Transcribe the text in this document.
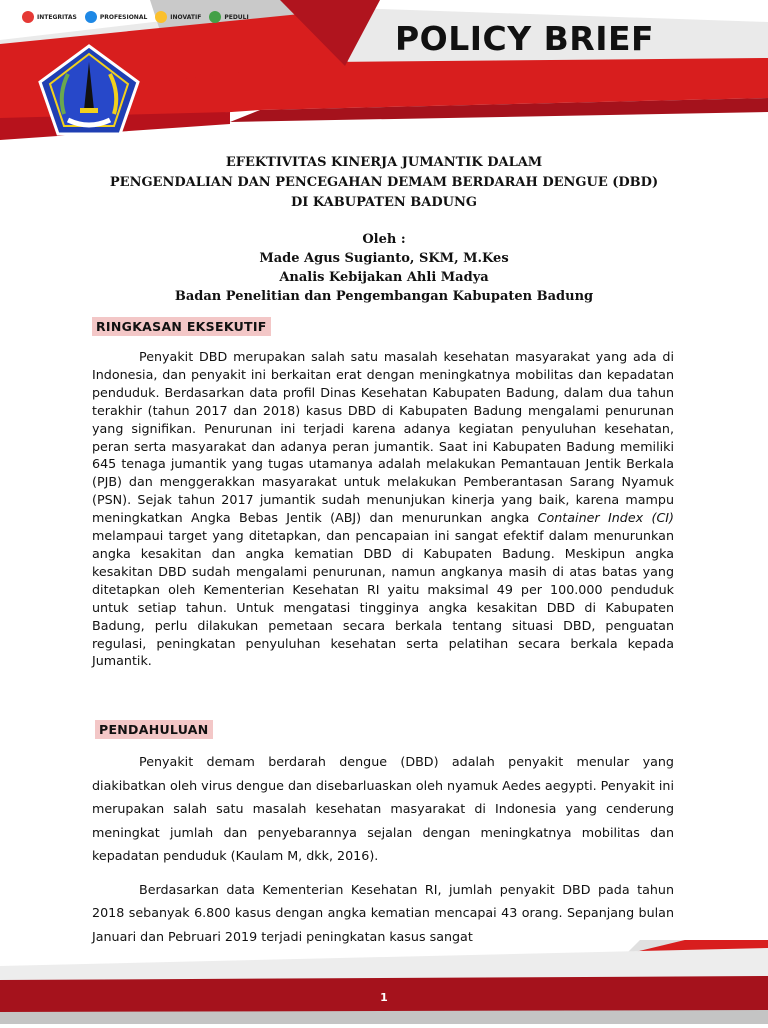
INTEGRITAS	PROFESIONAL	INOVATIF	PEDULI
POLICY BRIEF
EFEKTIVITAS KINERJA JUMANTIK DALAM
PENGENDALIAN DAN PENCEGAHAN DEMAM BERDARAH DENGUE (DBD)
DI KABUPATEN BADUNG
Oleh :
Made Agus Sugianto, SKM, M.Kes
Analis Kebijakan Ahli Madya
Badan Penelitian dan Pengembangan Kabupaten Badung
RINGKASAN EKSEKUTIF

Penyakit DBD merupakan salah satu masalah kesehatan masyarakat yang ada di Indonesia, dan penyakit ini berkaitan erat dengan meningkatnya mobilitas dan kepadatan penduduk. Berdasarkan data profil Dinas Kesehatan Kabupaten Badung, dalam dua tahun terakhir (tahun 2017 dan 2018) kasus DBD di Kabupaten Badung mengalami penurunan yang signifikan. Penurunan ini terjadi karena adanya kegiatan penyuluhan kesehatan, peran serta masyarakat dan adanya peran jumantik. Saat ini Kabupaten Badung memiliki 645 tenaga jumantik yang tugas utamanya adalah melakukan Pemantauan Jentik Berkala (PJB) dan menggerakkan masyarakat untuk melakukan Pemberantasan Sarang Nyamuk (PSN). Sejak tahun 2017 jumantik sudah menunjukan kinerja yang baik, karena mampu meningkatkan Angka Bebas Jentik (ABJ) dan menurunkan angka Container Index (CI) melampaui target yang ditetapkan, dan pencapaian ini sangat efektif dalam menurunkan angka kesakitan dan angka kematian DBD di Kabupaten Badung. Meskipun angka kesakitan DBD sudah mengalami penurunan, namun angkanya masih di atas batas yang ditetapkan oleh Kementerian Kesehatan RI yaitu maksimal 49 per 100.000 penduduk untuk setiap tahun. Untuk mengatasi tingginya angka kesakitan DBD di Kabupaten Badung, perlu dilakukan pemetaan secara berkala tentang situasi DBD, penguatan regulasi, peningkatan penyuluhan kesehatan serta pelatihan secara berkala kepada Jumantik.

PENDAHULUAN

Penyakit demam berdarah dengue (DBD) adalah penyakit menular yang diakibatkan oleh virus dengue dan disebarluaskan oleh nyamuk Aedes aegypti. Penyakit ini merupakan salah satu masalah kesehatan masyarakat di Indonesia yang cenderung meningkat jumlah dan penyebarannya sejalan dengan meningkatnya mobilitas dan kepadatan penduduk (Kaulam M, dkk, 2016).

Berdasarkan data Kementerian Kesehatan RI, jumlah penyakit DBD pada tahun 2018 sebanyak 6.800 kasus dengan angka kematian mencapai 43 orang. Sepanjang bulan Januari dan Pebruari 2019 terjadi peningkatan kasus sangat

1
